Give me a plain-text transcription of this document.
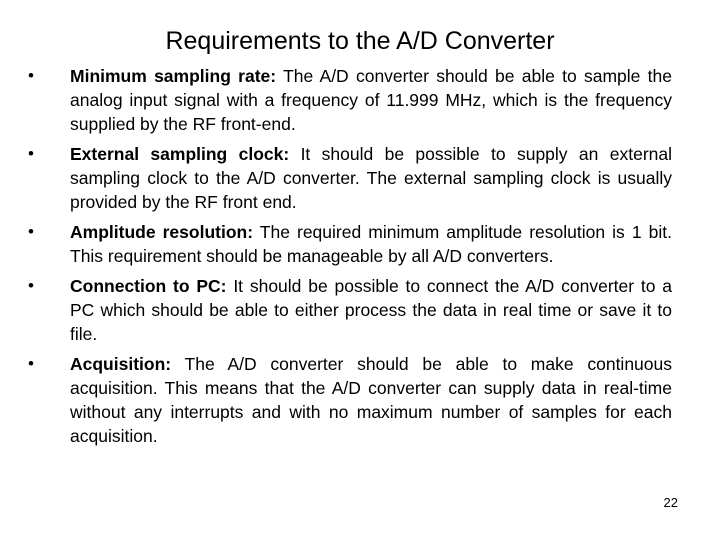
Requirements to the A/D Converter
•	Minimum sampling rate: The A/D converter should be able to sample the analog input signal with a frequency of 11.999 MHz, which is the frequency supplied by the RF front-end.
•	External sampling clock: It should be possible to supply an external sampling clock to the A/D converter. The external sampling clock is usually provided by the RF front end.
•	Amplitude resolution: The required minimum amplitude resolution is 1 bit. This requirement should be manageable by all A/D converters.
•	Connection to PC: It should be possible to connect the A/D converter to a PC which should be able to either process the data in real time or save it to file.
•	Acquisition: The A/D converter should be able to make continuous acquisition. This means that the A/D converter can supply data in real-time without any interrupts and with no maximum number of samples for each acquisition.
22
